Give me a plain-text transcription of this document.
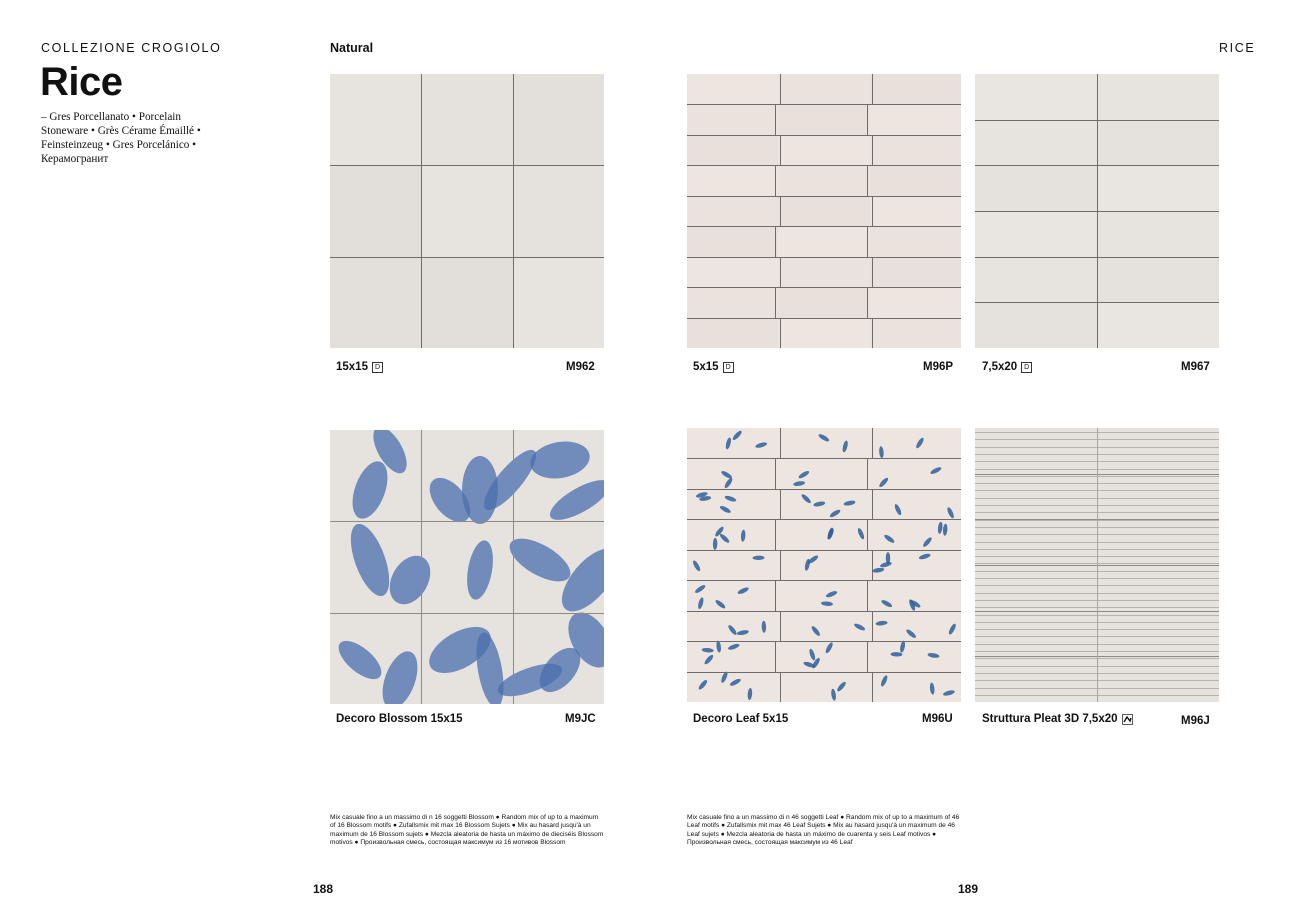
COLLEZIONE CROGIOLO	RICE
Rice
– Gres Porcellanato • Porcelain Stoneware • Grès Cérame Émaillé • Feinsteinzeug • Gres Porcelánico • Керамогранит
Natural
15x15 D	M962	5x15 D	M96P	7,5x20 D	M967
Decoro Blossom 15x15	M9JC	Decoro Leaf 5x15	M96U	Struttura Pleat 3D 7,5x20	M96J
Mix casuale fino a un massimo di n 16 soggetti Blossom ● Random mix of up to a maximum of 16 Blossom motifs ● Zufallsmix mit max 16 Blossom Sujets ● Mix au hasard jusqu'à un maximum de 16 Blossom sujets ● Mezcla aleatoria de hasta un máximo de dieciséis Blossom motivos ● Произвольная смесь, состоящая максимум из 16 мотивов Blossom
Mix casuale fino a un massimo di n 46 soggetti Leaf ● Random mix of up to a maximum of 46 Leaf motifs ● Zufallsmix mit max 46 Leaf Sujets ● Mix au hasard jusqu'à un maximum de 46 Leaf sujets ● Mezcla aleatoria de hasta un máximo de cuarenta y seis Leaf motivos ● Произвольная смесь, состоящая максимум из 46 Leaf
188	189
